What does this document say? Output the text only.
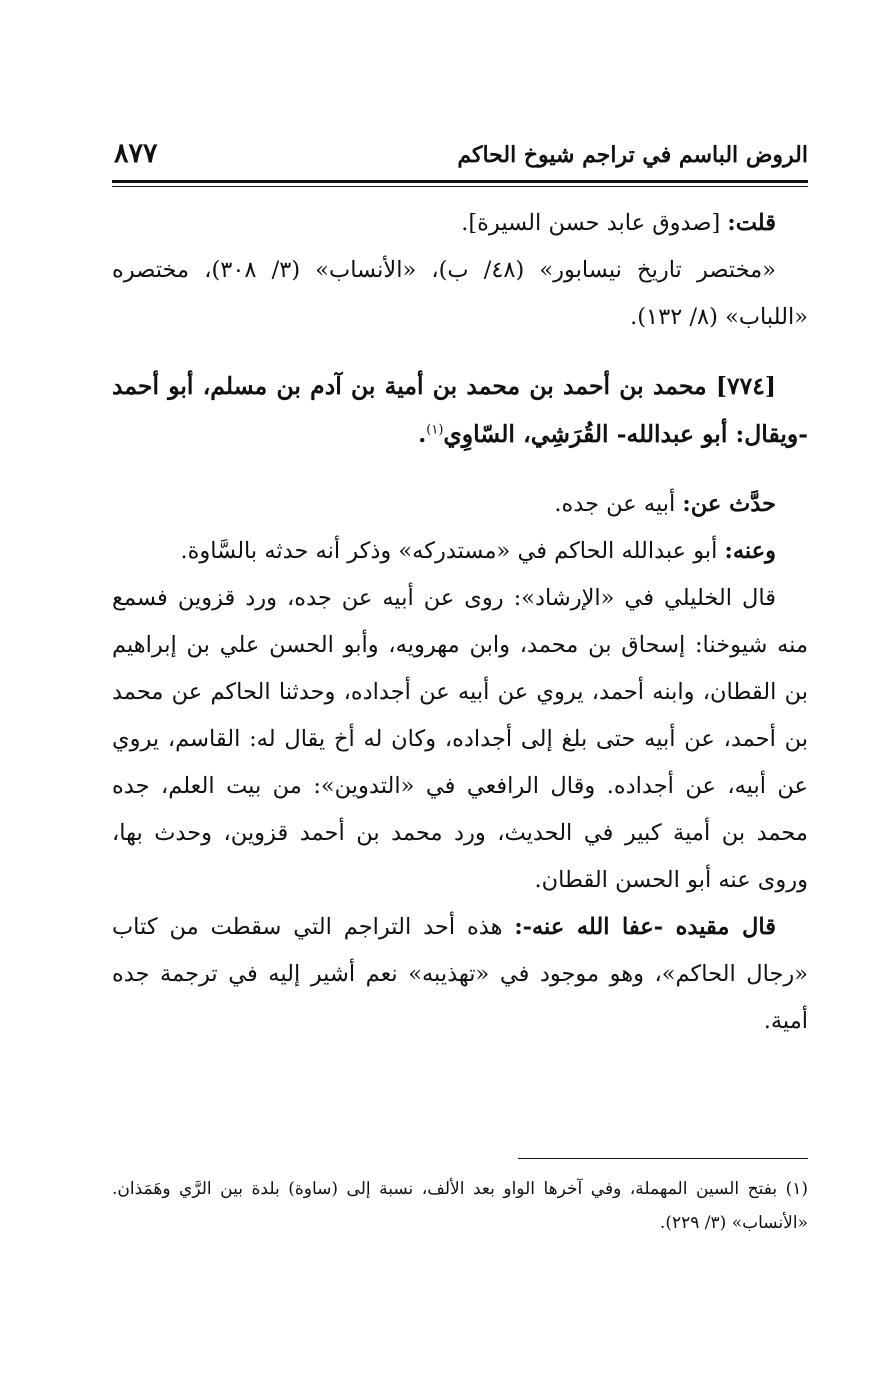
الروض الباسم في تراجم شيوخ الحاكم
٨٧٧

قلت: [صدوق عابد حسن السيرة].

«مختصر تاريخ نيسابور» (٤٨/ ب)، «الأنساب» (٣/ ٣٠٨)، مختصره «اللباب» (٨/ ١٣٢).

[٧٧٤] محمد بن أحمد بن محمد بن أمية بن آدم بن مسلم، أبو أحمد -ويقال: أبو عبدالله- القُرَشِي، السّاوِي$^{(١)}$.

حدَّث عن: أبيه عن جده.

وعنه: أبو عبدالله الحاكم في «مستدركه» وذكر أنه حدثه بالسَّاوة.

قال الخليلي في «الإرشاد»: روى عن أبيه عن جده، ورد قزوين فسمع منه شيوخنا: إسحاق بن محمد، وابن مهرويه، وأبو الحسن علي بن إبراهيم بن القطان، وابنه أحمد، يروي عن أبيه عن أجداده، وحدثنا الحاكم عن محمد بن أحمد، عن أبيه حتى بلغ إلى أجداده، وكان له أخ يقال له: القاسم، يروي عن أبيه، عن أجداده. وقال الرافعي في «التدوين»: من بيت العلم، جده محمد بن أمية كبير في الحديث، ورد محمد بن أحمد قزوين، وحدث بها، وروى عنه أبو الحسن القطان.

قال مقيده -عفا الله عنه-: هذه أحد التراجم التي سقطت من كتاب «رجال الحاكم»، وهو موجود في «تهذيبه» نعم أشير إليه في ترجمة جده أمية.

(١) بفتح السين المهملة، وفي آخرها الواو بعد الألف، نسبة إلى (ساوة) بلدة بين الرَّي وهَمَذان. «الأنساب» (٣/ ٢٢٩).
